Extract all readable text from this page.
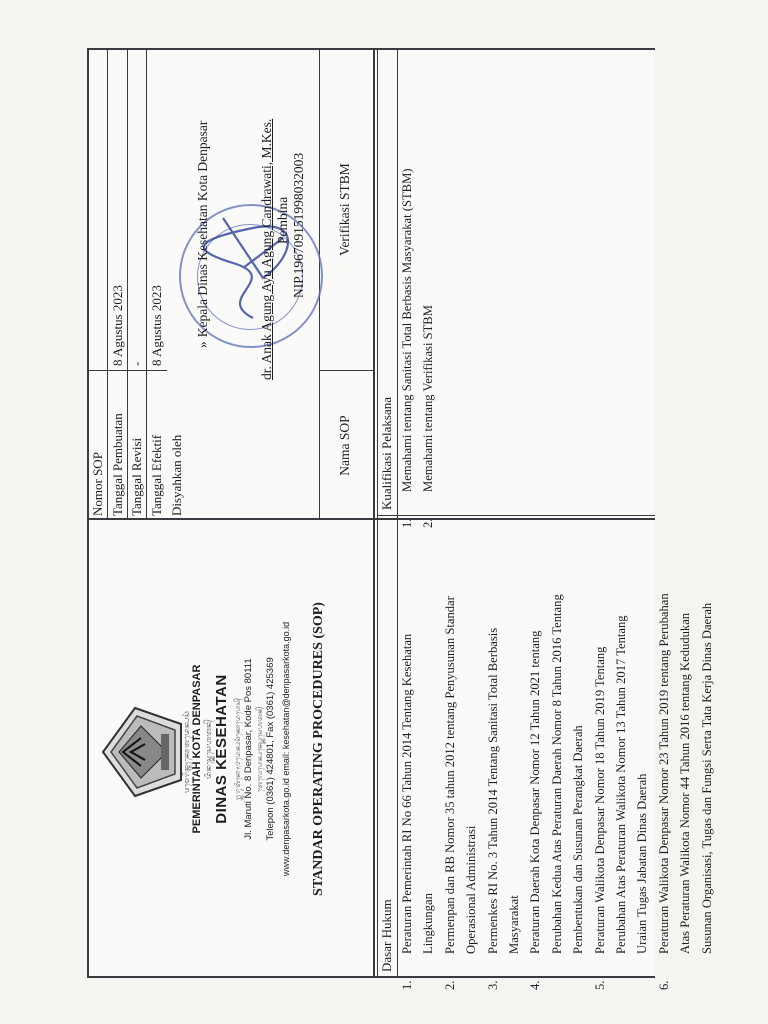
ᬧᬫᬾᬭᬶᬦ᭄ᬢᬄᬓᭀᬢᬤᬾᬦ᭄ᬧᬲᬃ PEMERINTAH KOTA DENPASAR ᬤᬶᬦᬲ᭄ᬓᬾᬲᬾᬳᬢᬦ᭄ DINAS KESEHATAN ᬚ᭄ᬮ᭄ᬫᬭᬸᬢᬶᬦᭀ᭟᭘ᬤᬾᬦ᭄ᬧᬲᬃᬓᭀᬤᬾᬧᭀᬲ᭄ Jl. Maruti No. 8 Denpasar, Kode Pos 80111 ᬢᬾᬮᬾᬧᭀᬦ᭄ᬧᬓ᭄ᬲ᭄ᬓᬾᬲᬾᬳᬢᬦ᭄ Telepon (0361) 424801, Fax (0361) 425369 www.denpasarkota.go.id email: kesehatan@denpasarkota.go.id STANDAR OPERATING PROCEDURES (SOP)
Nomor SOP Tanggal Pembuatan
8 Agustus 2023
Tanggal Revisi
-
Tanggal Efektif
8 Agustus 2023
Disyahkan oleh
»Kepala Dinas Kesehatan Kota Denpasar	dr. Anak Agung Ayu Agung Candrawati, M.Kes. Pembina NIP.196709151998032003
Nama SOP
Verifikasi STBM
Dasar Hukum
1.Peraturan Pemerintah RI No 66 Tahun 2014 Tentang Kesehatan Lingkungan
2.Permenpan dan RB Nomor 35 tahun 2012 tentang Penyusunan Standar Operasional Administrasi
3.Permenkes RI No. 3 Tahun 2014 Tentang Sanitasi Total Berbasis Masyarakat
4.Peraturan Daerah Kota Denpasar Nomor 12 Tahun 2021 tentang Perubahan Kedua Atas Peraturan Daerah Nomor 8 Tahun 2016 Tentang Pembentukan dan Susunan Perangkat Daerah
5.Peraturan Walikota Denpasar Nomor 18 Tahun 2019 Tentang Perubahan Atas Peraturan Walikota Nomor 13 Tahun 2017 Tentang Uraian Tugas Jabatan Dinas Daerah
6.Peraturan Walikota Denpasar Nomor 23 Tahun 2019 tentang Perubahan Atas Peraturan Walikota Nomor 44 Tahun 2016 tentang Kedudukan Susunan Organisasi, Tugas dan Fungsi Serta Tata Kerja Dinas Daerah
Kualifikasi Pelaksana
1.Memahami tentang Sanitasi Total Berbasis Masyarakat (STBM)
2.Memahami tentang Verifikasi STBM
